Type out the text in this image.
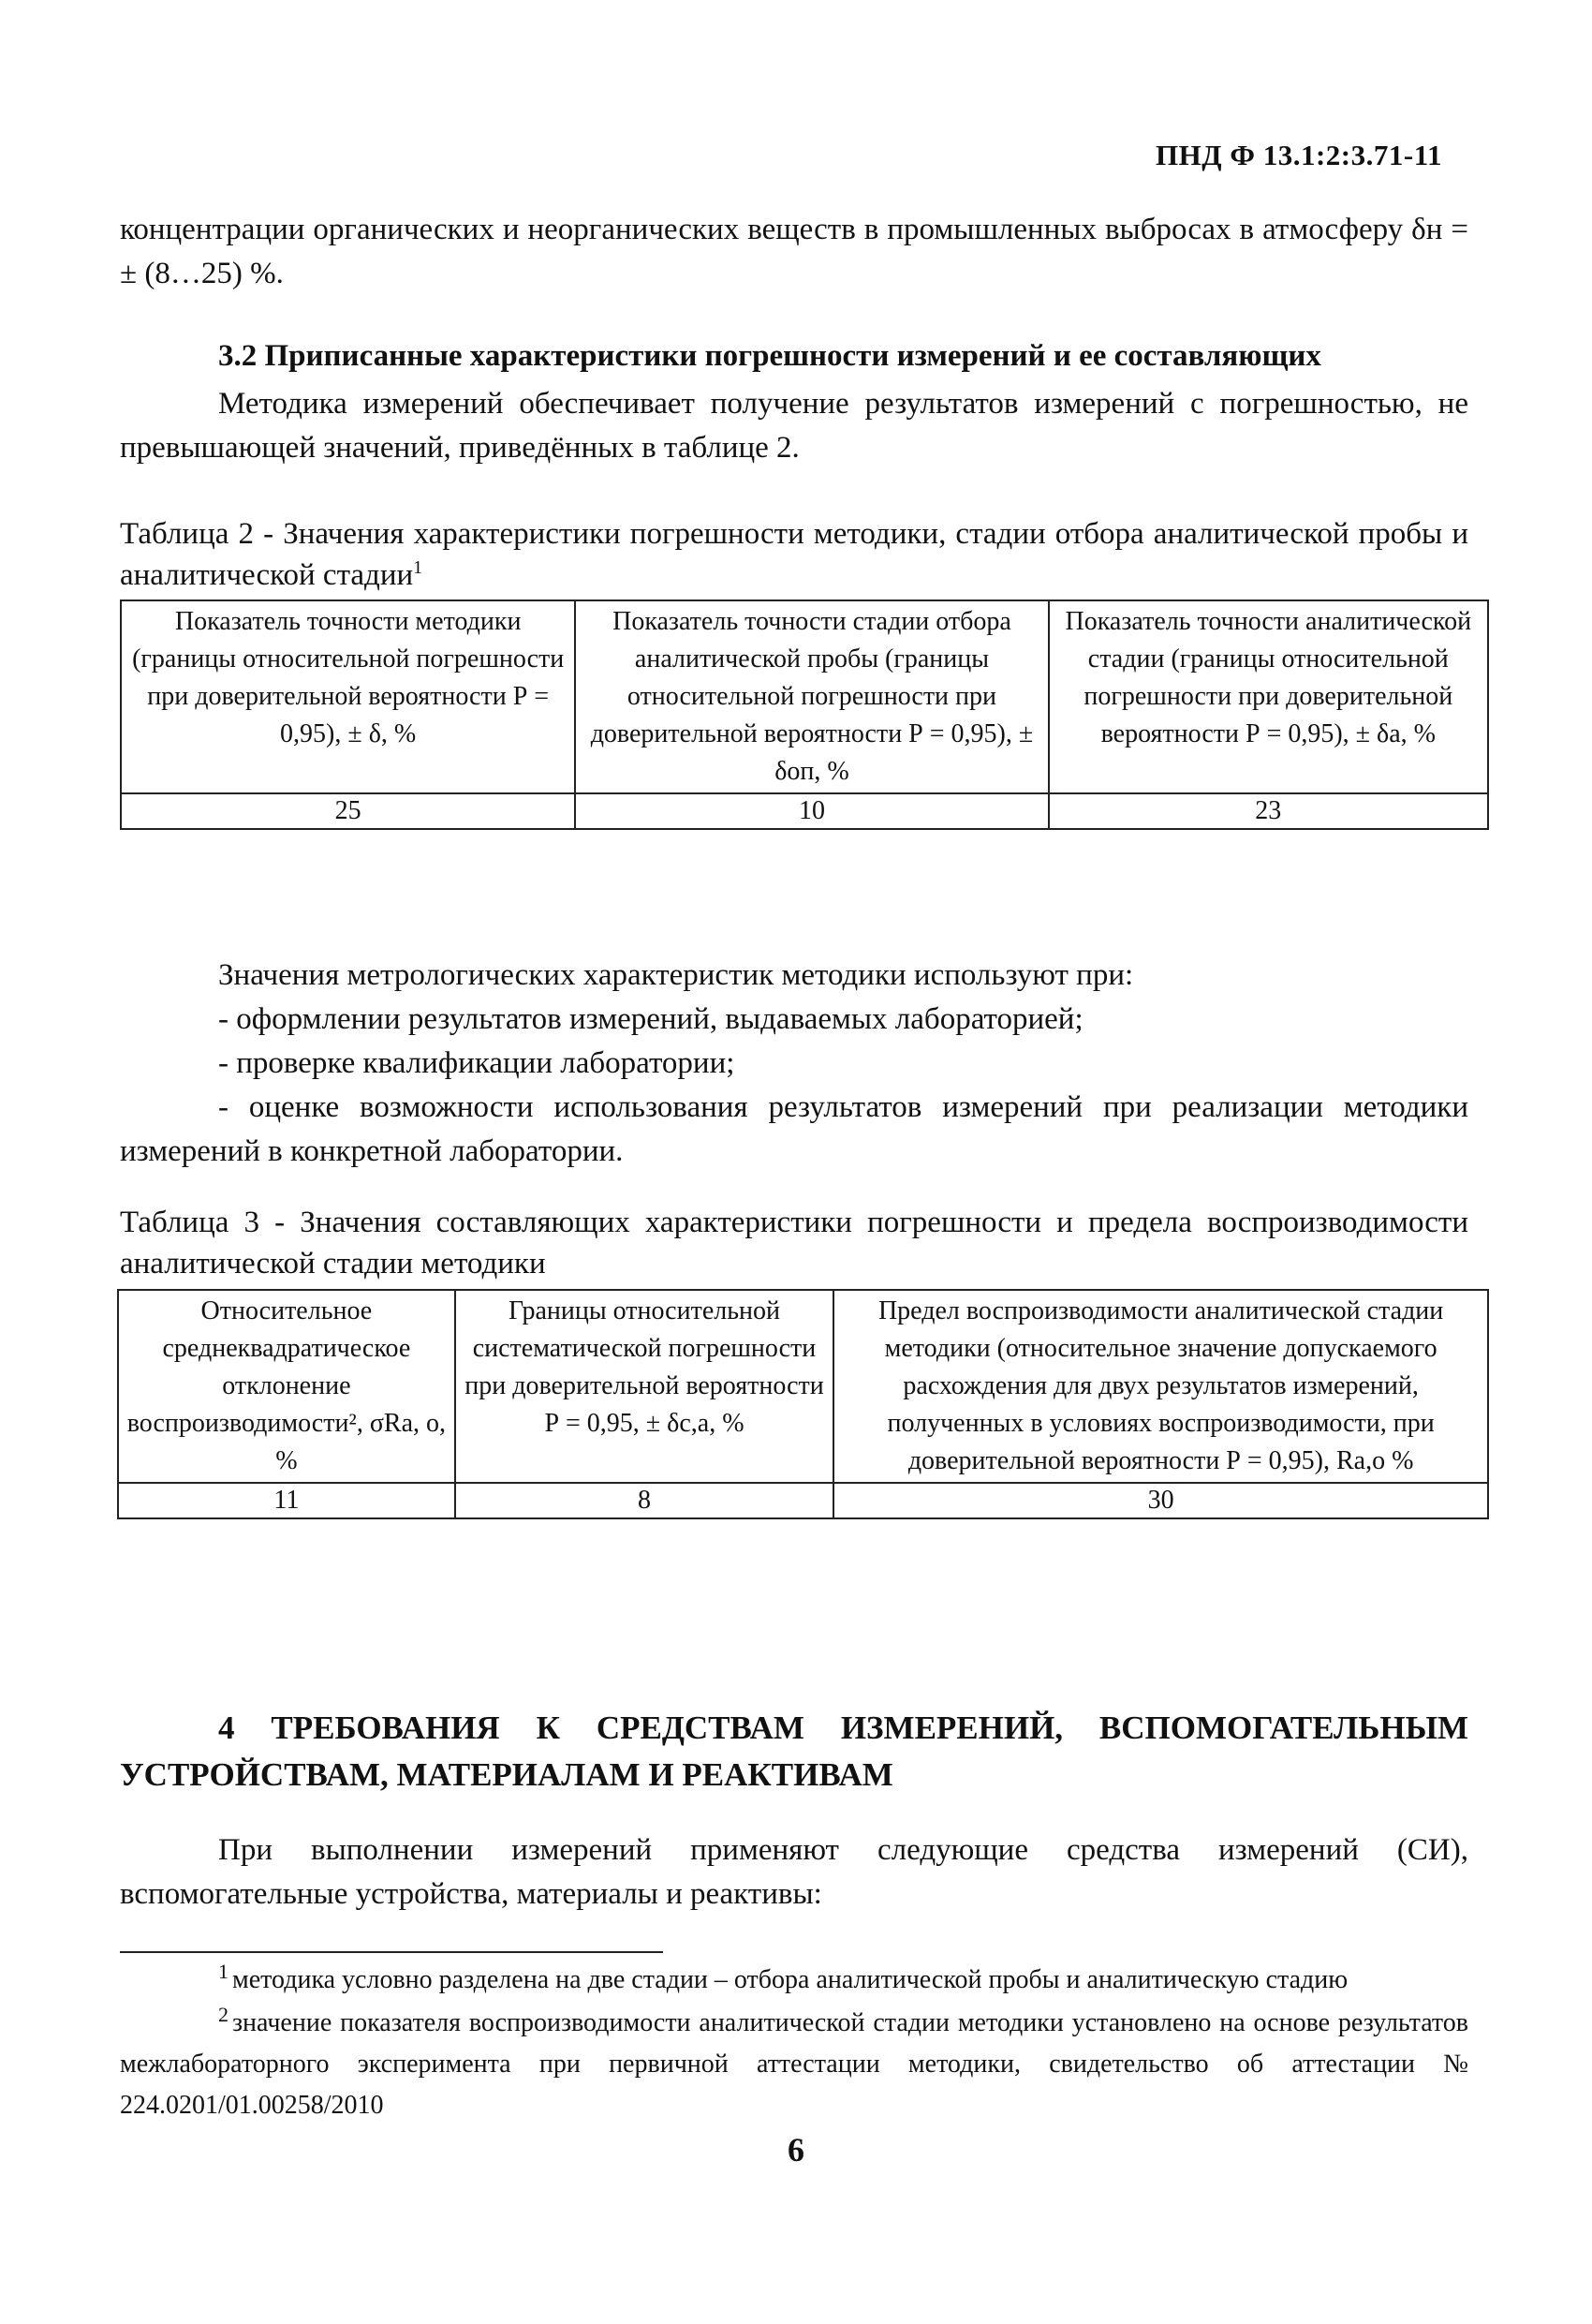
ПНД Ф 13.1:2:3.71-11
концентрации органических и неорганических веществ в промышленных выбросах в атмосферу δн = ± (8…25) %.
3.2 Приписанные характеристики погрешности измерений и ее составляющих
Методика измерений обеспечивает получение результатов измерений с погрешностью, не превышающей значений, приведённых в таблице 2.
Таблица 2 - Значения характеристики погрешности методики, стадии отбора аналитической пробы и аналитической стадии$^1$
Показатель точности методики (границы относительной погрешности при доверительной вероятности Р = 0,95), ± δ, %	Показатель точности стадии отбора аналитической пробы (границы относительной погрешности при доверительной вероятности Р = 0,95), ± δоп, %	Показатель точности аналитической стадии (границы относительной погрешности при доверительной вероятности Р = 0,95), ± δа, %
25	10	23
Значения метрологических характеристик методики используют при:
- оформлении результатов измерений, выдаваемых лабораторией;
- проверке квалификации лаборатории;
- оценке возможности использования результатов измерений при реализации методики измерений в конкретной лаборатории.
Таблица 3 - Значения составляющих характеристики погрешности и предела воспроизводимости аналитической стадии методики
Относительное среднеквадратическое отклонение воспроизводимости², σRа, о, %	Границы относительной систематической погрешности при доверительной вероятности Р = 0,95, ± δс,а, %	Предел воспроизводимости аналитической стадии методики (относительное значение допускаемого расхождения для двух результатов измерений, полученных в условиях воспроизводимости, при доверительной вероятности Р = 0,95), Rа,о %
11	8	30
4 ТРЕБОВАНИЯ К СРЕДСТВАМ ИЗМЕРЕНИЙ, ВСПОМОГАТЕЛЬНЫМ УСТРОЙСТВАМ, МАТЕРИАЛАМ И РЕАКТИВАМ
При выполнении измерений применяют следующие средства измерений (СИ), вспомогательные устройства, материалы и реактивы:
$^1$ методика условно разделена на две стадии – отбора аналитической пробы и аналитическую стадию
$^2$ значение показателя воспроизводимости аналитической стадии методики установлено на основе результатов межлабораторного эксперимента при первичной аттестации методики, свидетельство об аттестации № 224.0201/01.00258/2010
6
